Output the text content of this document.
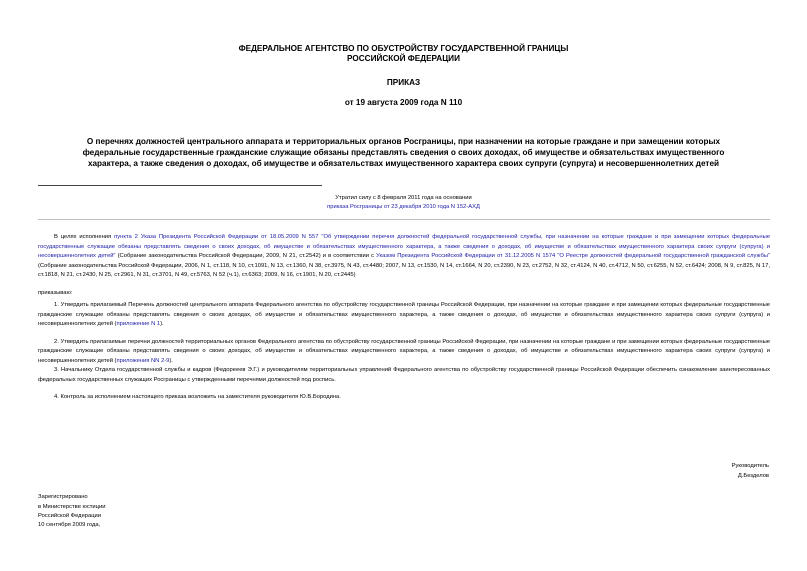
ФЕДЕРАЛЬНОЕ АГЕНТСТВО ПО ОБУСТРОЙСТВУ ГОСУДАРСТВЕННОЙ ГРАНИЦЫ
РОССИЙСКОЙ ФЕДЕРАЦИИ
ПРИКАЗ
от 19 августа 2009 года N 110
О перечнях должностей центрального аппарата и территориальных органов Росграницы, при назначении на которые граждане и при замещении которых
федеральные государственные гражданские служащие обязаны представлять сведения о своих доходах, об имуществе и обязательствах имущественного
характера, а также сведения о доходах, об имуществе и обязательствах имущественного характера своих супруги (супруга) и несовершеннолетних детей
Утратил силу с 8 февраля 2011 года на основании
приказа Росграницы от 23 декабря 2010 года N 152-АХД

В целях исполнения пункта 2 Указа Президента Российской Федерации от 18.05.2009 N 557 "Об утверждении перечня должностей федеральной государственной службы, при назначении на которые граждане и при замещении которых федеральные государственные служащие обязаны представлять сведения о своих доходах, об имуществе и обязательствах имущественного характера, а также сведения о доходах, об имуществе и обязательствах имущественного характера своих супруги (супруга) и несовершеннолетних детей" (Собрание законодательства Российской Федерации, 2009, N 21, ст.2542) и в соответствии с Указом Президента Российской Федерации от 31.12.2005 N 1574 "О Реестре должностей федеральной государственной гражданской службы" (Собрание законодательства Российской Федерации, 2006, N 1, ст.118, N 10, ст.1091, N 13, ст.1360, N 38, ст.3975, N 43, ст.4480; 2007, N 13, ст.1530, N 14, ст.1664, N 20, ст.2390, N 23, ст.2752, N 32, ст.4124, N 40, ст.4712, N 50, ст.6255, N 52, ст.6424; 2008, N 9, ст.825, N 17, ст.1818, N 21, ст.2430, N 25, ст.2961, N 31, ст.3701, N 49, ст.5763, N 52 (ч.1), ст.6363; 2009, N 16, ст.1901, N 20, ст.2445)

приказываю:

1. Утвердить прилагаемый Перечень должностей центрального аппарата Федерального агентства по обустройству государственной границы Российской Федерации, при назначении на которые граждане и при замещении которых федеральные государственные гражданские служащие обязаны представлять сведения о своих доходах, об имуществе и обязательствах имущественного характера, а также сведения о доходах, об имуществе и обязательствах имущественного характера своих супруги (супруга) и несовершеннолетних детей (приложение N 1).

2. Утвердить прилагаемые перечни должностей территориальных органов Федерального агентства по обустройству государственной границы Российской Федерации, при назначении на которые граждане и при замещении которых федеральные государственные гражданские служащие обязаны представлять сведения о своих доходах, об имуществе и обязательствах имущественного характера, а также сведения о доходах, об имуществе и обязательствах имущественного характера своих супруги (супруга) и несовершеннолетних детей (приложения NN 2-9).

3. Начальнику Отдела государственной службы и кадров (Федорееев Э.Г.) и руководителям территориальных управлений Федерального агентства по обустройству государственной границы Российской Федерации обеспечить ознакомление заинтересованных федеральных государственных служащих Росграницы с утвержденными перечнями должностей под роспись.

4. Контроль за исполнением настоящего приказа возложить на заместителя руководителя Ю.В.Бородина.

Руководитель
Д.Безделов
Зарегистрировано
в Министерстве юстиции
Российской Федерации
10 сентября 2009 года,
